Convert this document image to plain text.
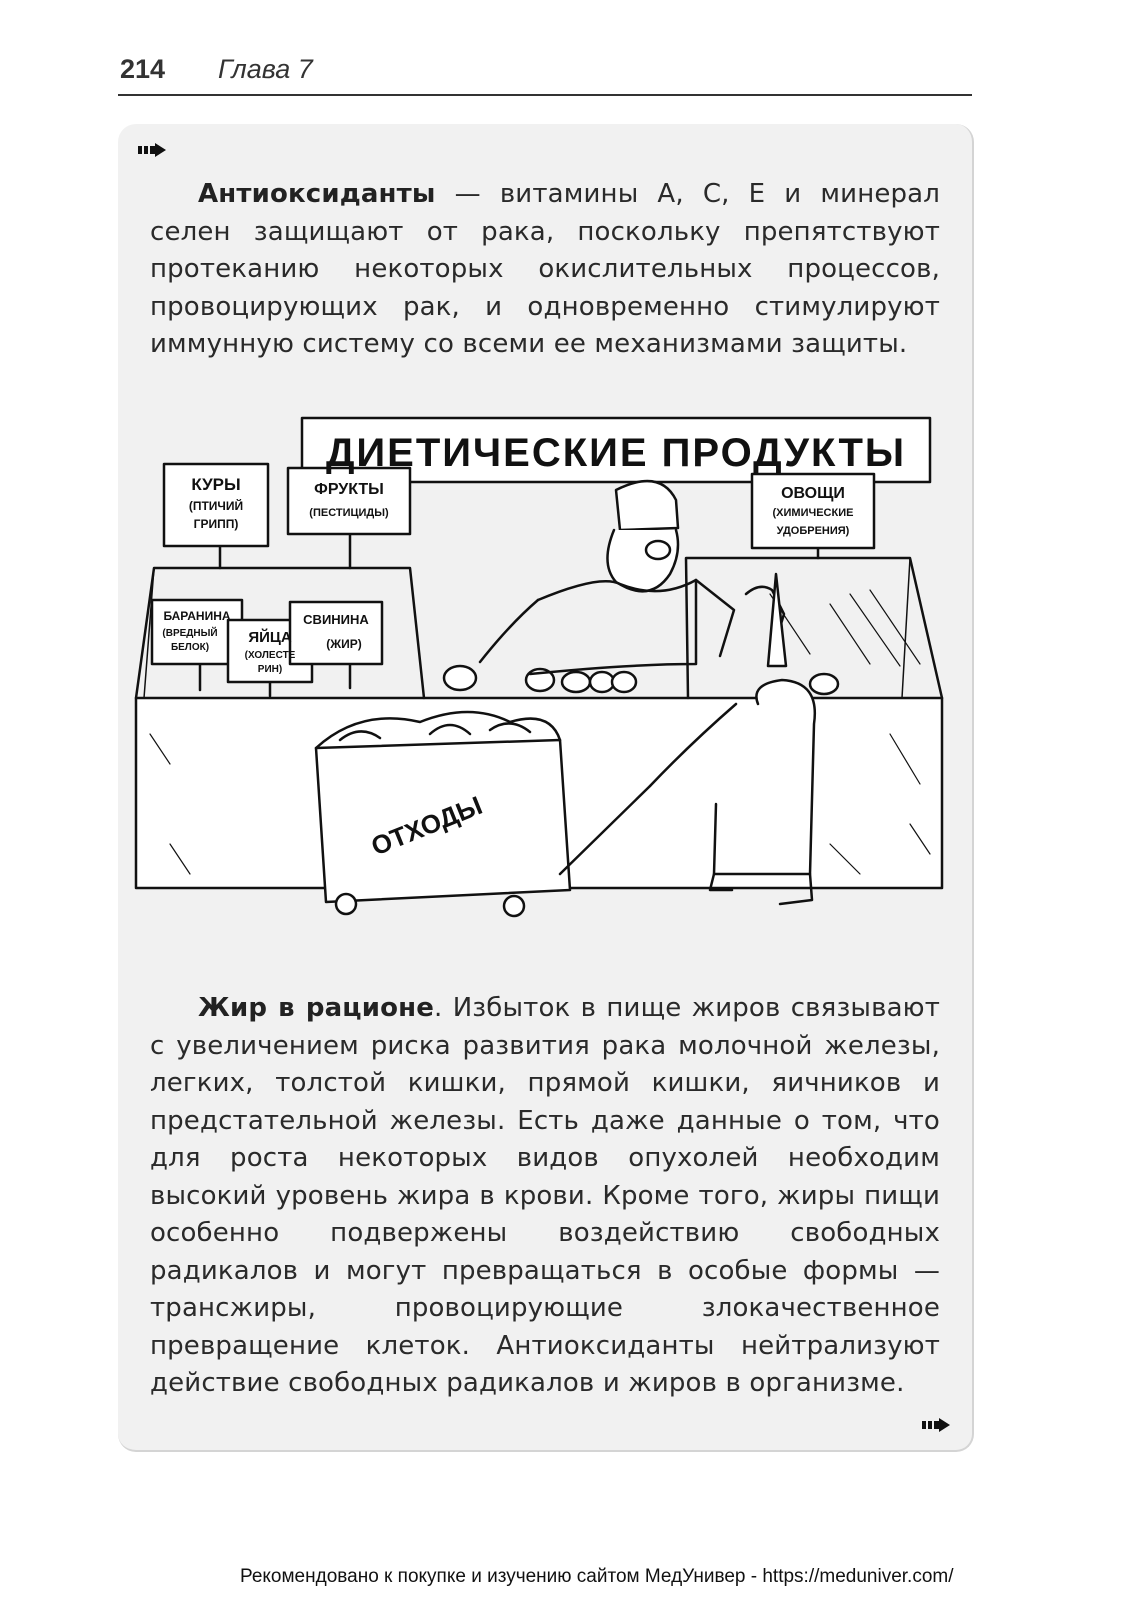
214 Глава 7

Антиоксиданты — витамины A, C, E и минерал селен защищают от рака, поскольку препятствуют протеканию некоторых окислительных процессов, провоцирующих рак, и одновременно стимулируют иммунную систему со всеми ее механизмами защиты.

ДИЕТИЧЕСКИЕ ПРОДУКТЫ
КУРЫ
(ПТИЧИЙ
ГРИПП)
ФРУКТЫ
(ПЕСТИЦИДЫ)
ОВОЩИ
(ХИМИЧЕСКИЕ
УДОБРЕНИЯ)
БАРАНИНА
(ВРЕДНЫЙ
БЕЛОК)
ЯЙЦА
(ХОЛЕСТЕ
РИН)
СВИНИНА
(ЖИР)
ОТХОДЫ

Жир в рационе. Избыток в пище жиров связывают с увеличением риска развития рака молочной железы, легких, толстой кишки, прямой кишки, яичников и предстательной железы. Есть даже данные о том, что для роста некоторых видов опухолей необходим высокий уровень жира в крови. Кроме того, жиры пищи особенно подвержены воздействию свободных радикалов и могут превращаться в особые формы — трансжиры, провоцирующие злокачественное превращение клеток. Антиоксиданты нейтрализуют действие свободных радикалов и жиров в организме.

Рекомендовано к покупке и изучению сайтом МедУнивер - https://meduniver.com/
